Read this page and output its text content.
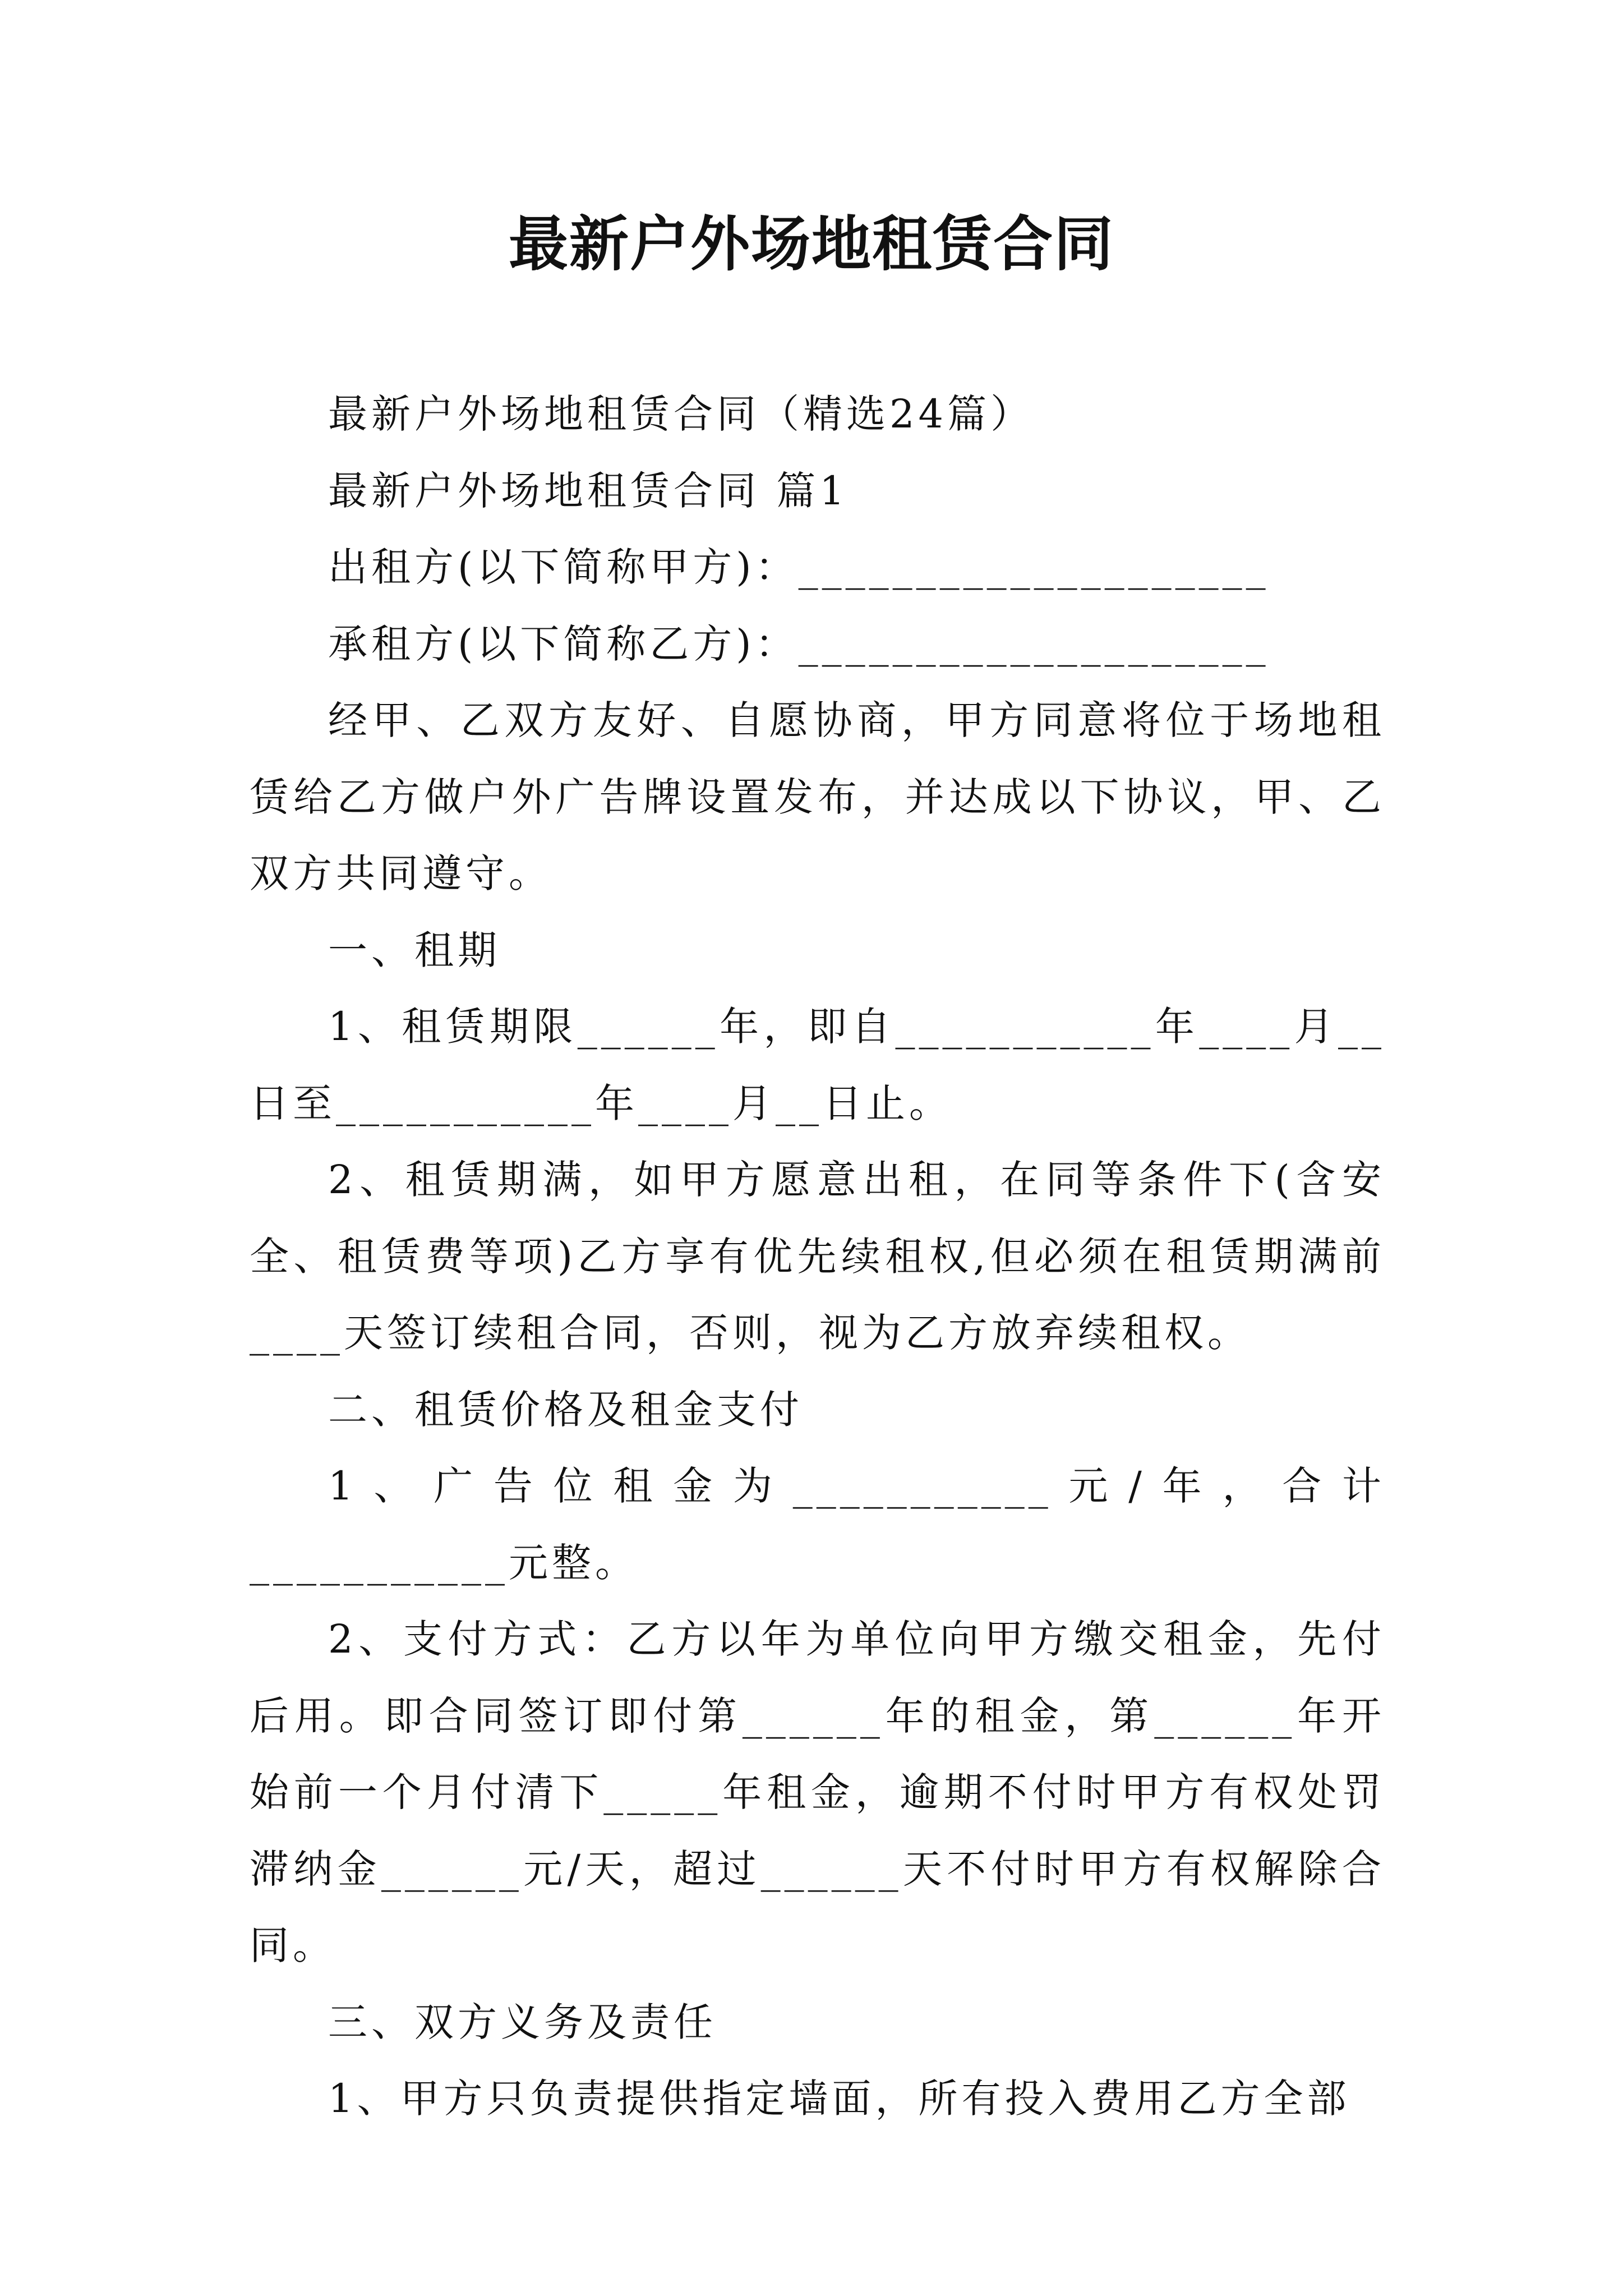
最新户外场地租赁合同

最新户外场地租赁合同（精选24篇）

最新户外场地租赁合同 篇1

出租方(以下简称甲方)：____________________

承租方(以下简称乙方)：____________________

经甲、乙双方友好、自愿协商，甲方同意将位于场地租赁给乙方做户外广告牌设置发布，并达成以下协议，甲、乙双方共同遵守。

一、租期

1、租赁期限______年，即自___________年____月__日至___________年____月__日止。

2、租赁期满，如甲方愿意出租，在同等条件下(含安全、租赁费等项)乙方享有优先续租权,但必须在租赁期满前____天签订续租合同，否则，视为乙方放弃续租权。

二、租赁价格及租金支付

1、广告位租金为___________元/年，合计___________元整。

2、支付方式：乙方以年为单位向甲方缴交租金，先付后用。即合同签订即付第______年的租金，第______年开始前一个月付清下_____年租金，逾期不付时甲方有权处罚滞纳金______元/天，超过______天不付时甲方有权解除合同。

三、双方义务及责任

1、甲方只负责提供指定墙面，所有投入费用乙方全部
